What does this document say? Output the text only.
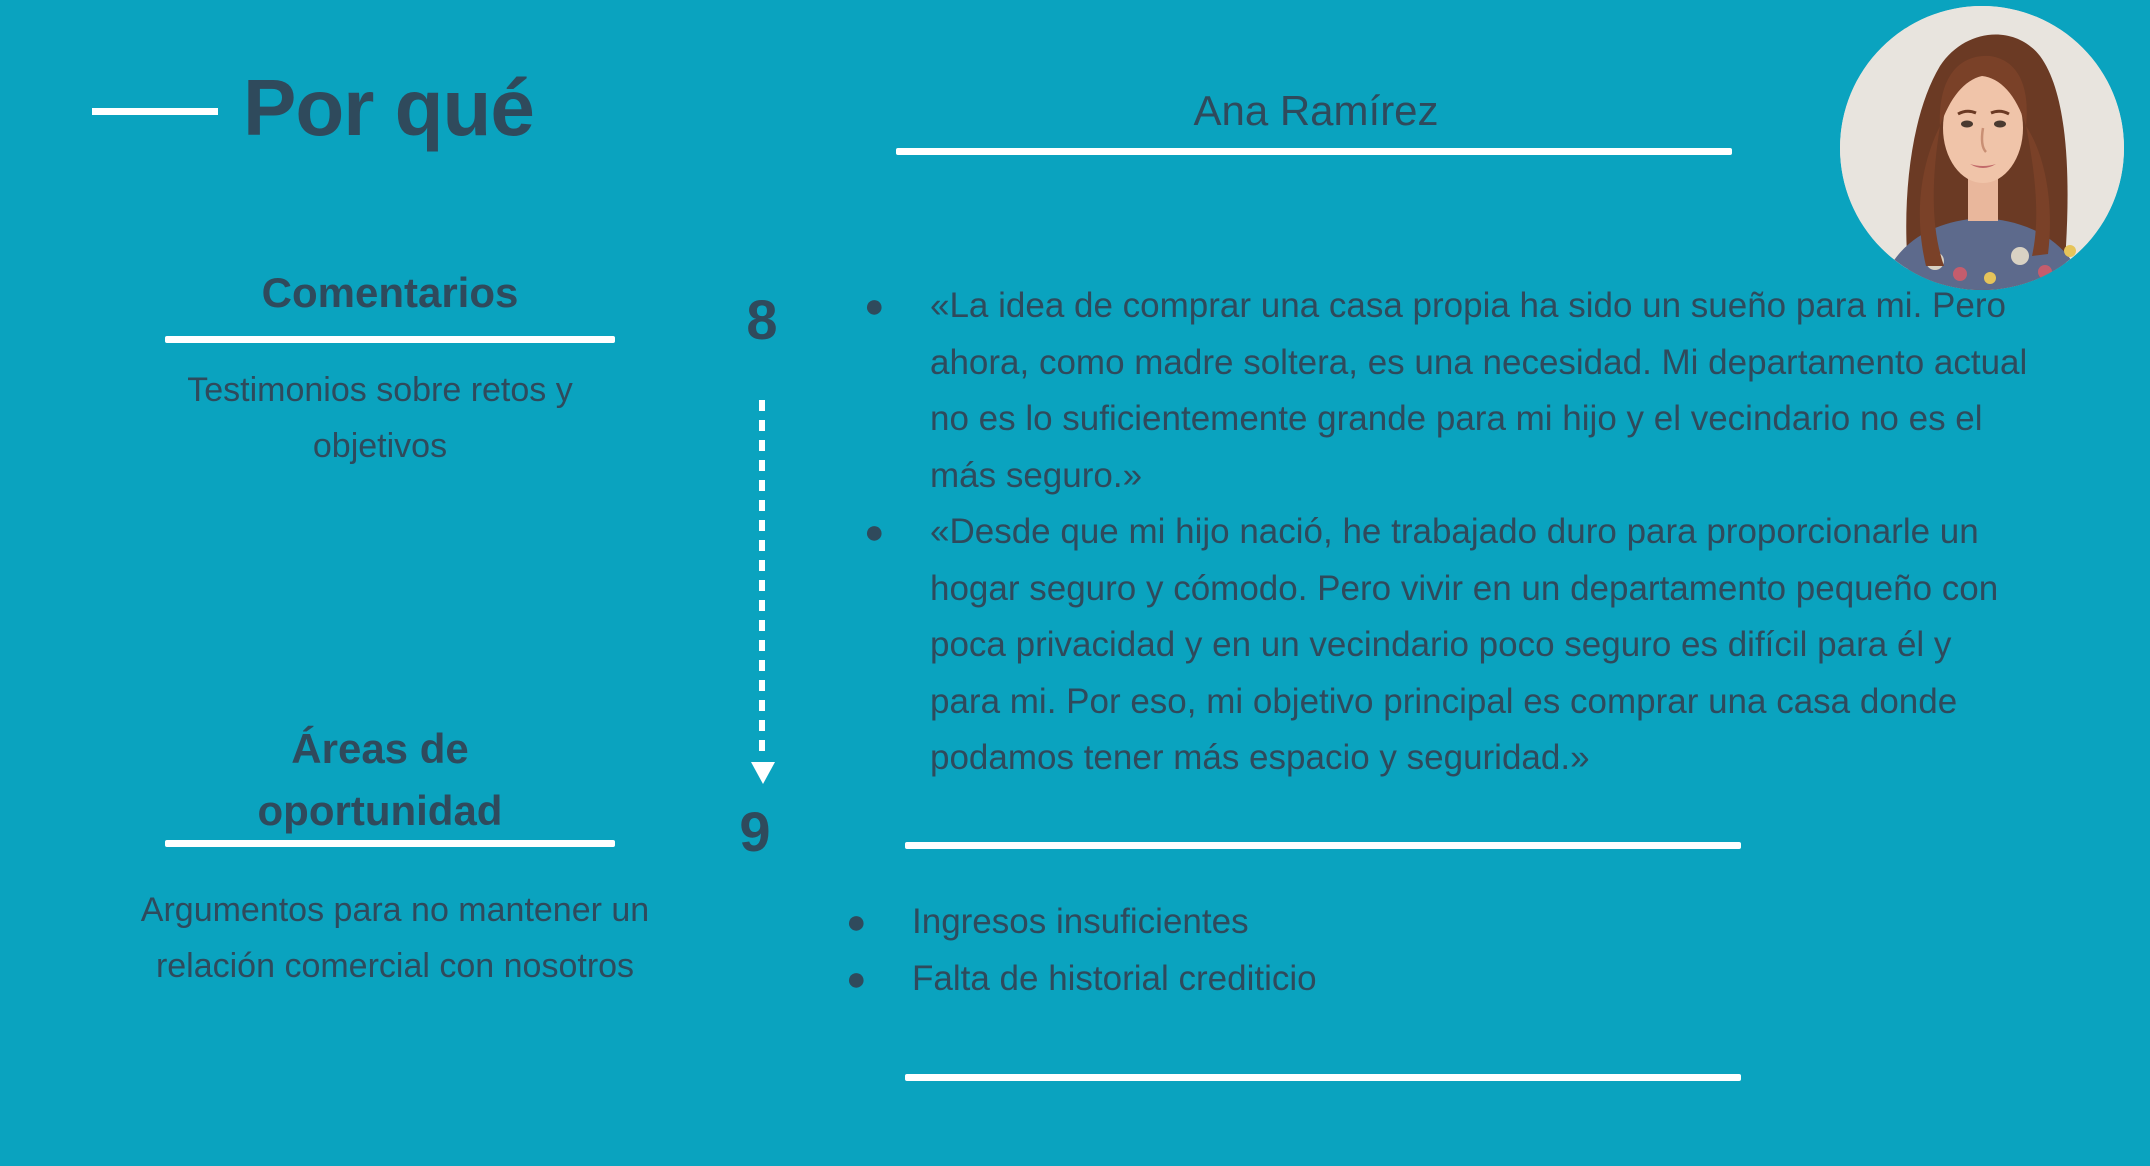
Por qué	Ana Ramírez
Comentarios
Testimonios sobre retos y objetivos
Áreas de oportunidad
Argumentos para no mantener un relación comercial con nosotros
8
9
● «La idea de comprar una casa propia ha sido un sueño para mi. Pero ahora, como madre soltera, es una necesidad. Mi departamento actual no es lo suficientemente grande para mi hijo y el vecindario no es el más seguro.»
● «Desde que mi hijo nació, he trabajado duro para proporcionarle un hogar seguro y cómodo. Pero vivir en un departamento pequeño con poca privacidad y en un vecindario poco seguro es difícil para él y para mi. Por eso, mi objetivo principal es comprar una casa donde podamos tener más espacio y seguridad.»
● Ingresos insuficientes
● Falta de historial crediticio
